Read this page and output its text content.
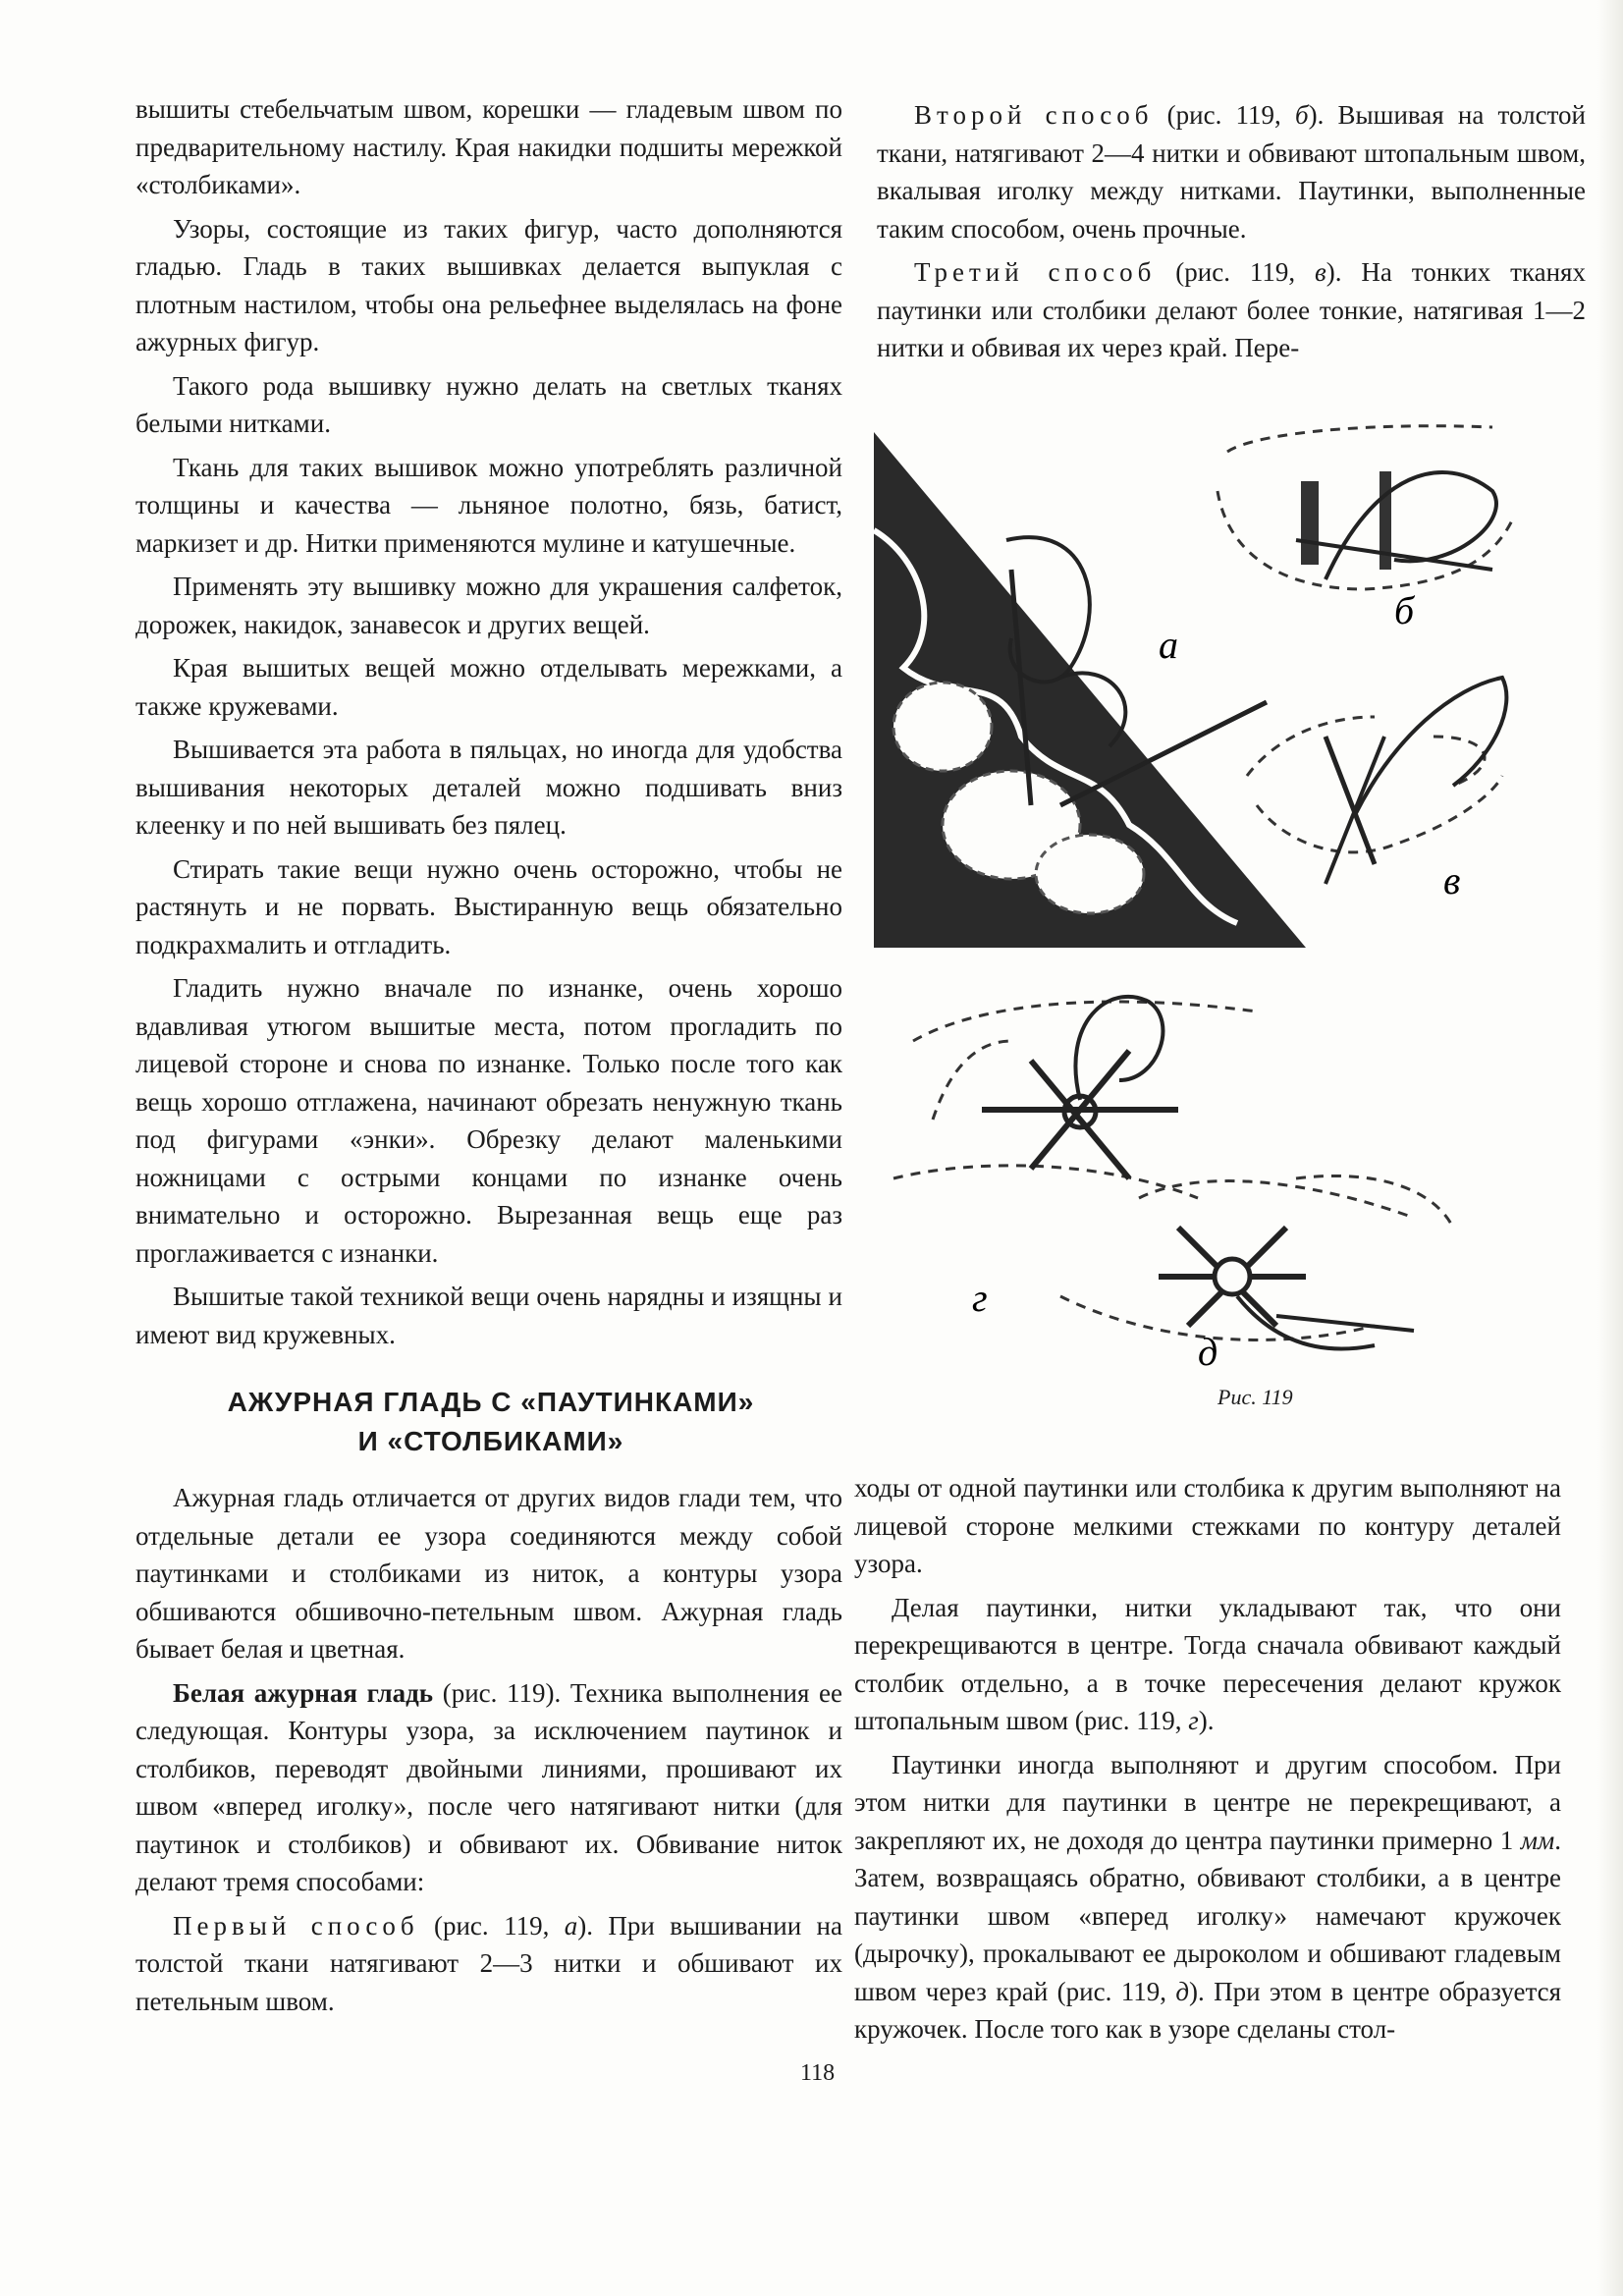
вышиты стебельчатым швом, корешки — гладевым швом по предварительному настилу. Края накидки подшиты мережкой «столбиками».

Узоры, состоящие из таких фигур, часто дополняются гладью. Гладь в таких вышивках делается выпуклая с плотным настилом, чтобы она рельефнее выделялась на фоне ажурных фигур.

Такого рода вышивку нужно делать на светлых тканях белыми нитками.

Ткань для таких вышивок можно употреблять различной толщины и качества — льняное полотно, бязь, батист, маркизет и др. Нитки применяются мулине и катушечные.

Применять эту вышивку можно для украшения салфеток, дорожек, накидок, занавесок и других вещей.

Края вышитых вещей можно отделывать мережками, а также кружевами.

Вышивается эта работа в пяльцах, но иногда для удобства вышивания некоторых деталей можно подшивать вниз клеенку и по ней вышивать без пялец.

Стирать такие вещи нужно очень осторожно, чтобы не растянуть и не порвать. Выстиранную вещь обязательно подкрахмалить и отгладить.

Гладить нужно вначале по изнанке, очень хорошо вдавливая утюгом вышитые места, потом прогладить по лицевой стороне и снова по изнанке. Только после того как вещь хорошо отглажена, начинают обрезать ненужную ткань под фигурами «энки». Обрезку делают маленькими ножницами с острыми концами по изнанке очень внимательно и осторожно. Вырезанная вещь еще раз проглаживается с изнанки.

Вышитые такой техникой вещи очень нарядны и изящны и имеют вид кружевных.

АЖУРНАЯ ГЛАДЬ С «ПАУТИНКАМИ»
И «СТОЛБИКАМИ»

Ажурная гладь отличается от других видов глади тем, что отдельные детали ее узора соединяются между собой паутинками и столбиками из ниток, а контуры узора обшиваются обшивочно-петельным швом. Ажурная гладь бывает белая и цветная.

Белая ажурная гладь (рис. 119). Техника выполнения ее следующая. Контуры узора, за исключением паутинок и столбиков, переводят двойными линиями, прошивают их швом «вперед иголку», после чего натягивают нитки (для паутинок и столбиков) и обвивают их. Обвивание ниток делают тремя способами:

Первый способ (рис. 119, а). При вышивании на толстой ткани натягивают 2—3 нитки и обшивают их петельным швом.

Второй способ (рис. 119, б). Вышивая на толстой ткани, натягивают 2—4 нитки и обвивают штопальным швом, вкалывая иголку между нитками. Паутинки, выполненные таким способом, очень прочные.

Третий способ (рис. 119, в). На тонких тканях паутинки или столбики делают более тонкие, натягивая 1—2 нитки и обвивая их через край. Пере-

а
б
в
г
д
Рис. 119

ходы от одной паутинки или столбика к другим выполняют на лицевой стороне мелкими стежками по контуру деталей узора.

Делая паутинки, нитки укладывают так, что они перекрещиваются в центре. Тогда сначала обвивают каждый столбик отдельно, а в точке пересечения делают кружок штопальным швом (рис. 119, г).

Паутинки иногда выполняют и другим способом. При этом нитки для паутинки в центре не перекрещивают, а закрепляют их, не доходя до центра паутинки примерно 1 мм. Затем, возвращаясь обратно, обвивают столбики, а в центре паутинки швом «вперед иголку» намечают кружочек (дырочку), прокалывают ее дыроколом и обшивают гладевым швом через край (рис. 119, д). При этом в центре образуется кружочек. После того как в узоре сделаны стол-

118
